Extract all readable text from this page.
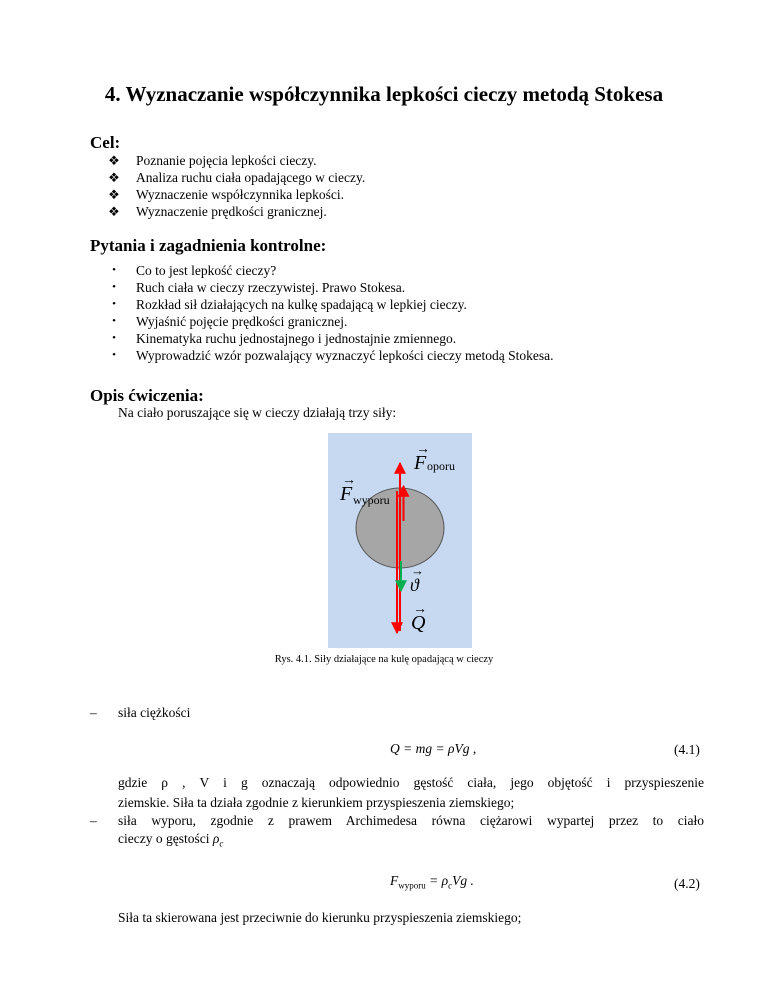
4. Wyznaczanie współczynnika lepkości cieczy metodą Stokesa
Cel:
❖ Poznanie pojęcia lepkości cieczy.
❖ Analiza ruchu ciała opadającego w cieczy.
❖ Wyznaczenie współczynnika lepkości.
❖ Wyznaczenie prędkości granicznej.
Pytania i zagadnienia kontrolne:
•	Co to jest lepkość cieczy?
•	Ruch ciała w cieczy rzeczywistej. Prawo Stokesa.
•	Rozkład sił działających na kulkę spadającą w lepkiej cieczy.
•	Wyjaśnić pojęcie prędkości granicznej.
•	Kinematyka ruchu jednostajnego i jednostajnie zmiennego.
•	Wyprowadzić wzór pozwalający wyznaczyć lepkości cieczy metodą Stokesa.
Opis ćwiczenia:

Na ciało poruszające się w cieczy działają trzy siły:

F
→
oporu
F
→
wyporu
ϑ
→
Q
→

Rys. 4.1. Siły działające na kulę opadającą w cieczy

– siła ciężkości
Q = mg = ρVg ,	(4.1)
gdzie ρ , V i g oznaczają odpowiednio gęstość ciała, jego objętość i przyspieszenie
ziemskie. Siła ta działa zgodnie z kierunkiem przyspieszenia ziemskiego;
– siła wyporu, zgodnie z prawem Archimedesa równa ciężarowi wypartej przez to ciało
cieczy o gęstości $\rho_c$
$F_{wyporu} = \rho_cVg$ .	(4.2)
Siła ta skierowana jest przeciwnie do kierunku przyspieszenia ziemskiego;
